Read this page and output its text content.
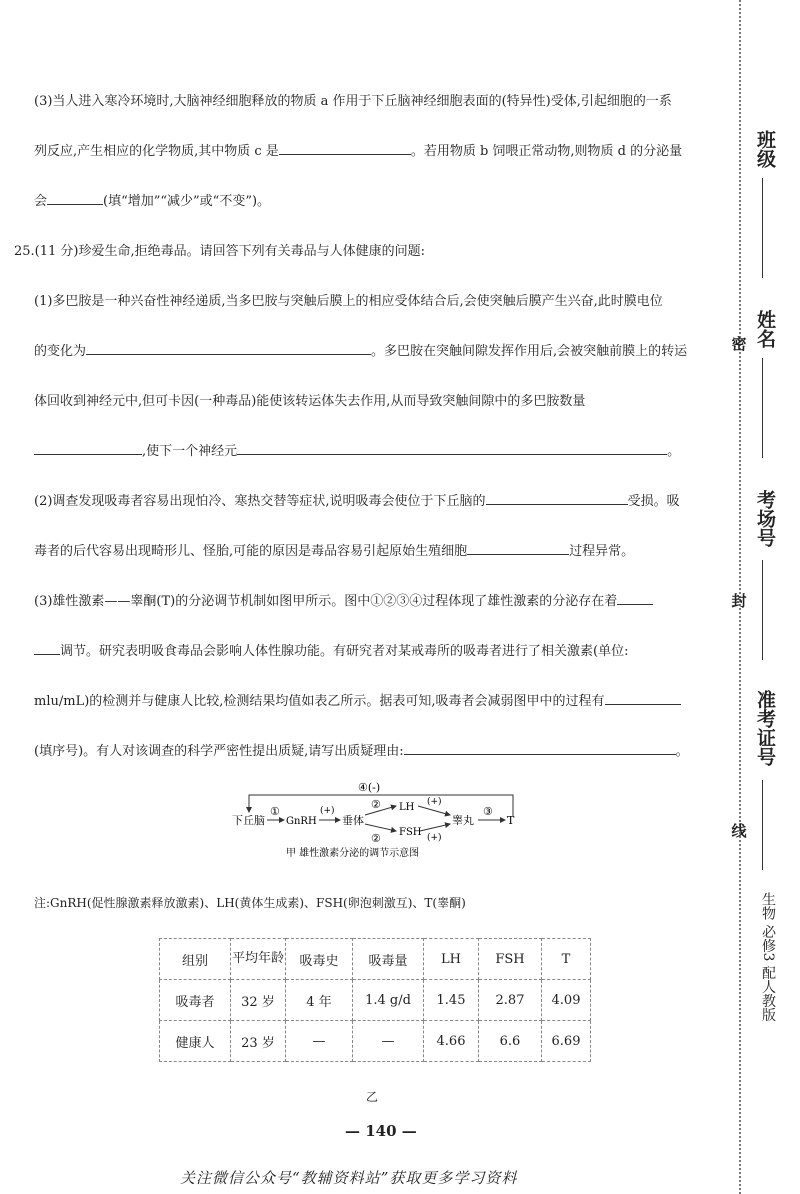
(3)当人进入寒冷环境时,大脑神经细胞释放的物质 a 作用于下丘脑神经细胞表面的(特异性)受体,引起细胞的一系
列反应,产生相应的化学物质,其中物质 c 是	。若用物质 b 饲喂正常动物,则物质 d 的分泌量
会	(填“增加”“减少”或“不变”)。
25.(11 分)珍爱生命,拒绝毒品。请回答下列有关毒品与人体健康的问题:
(1)多巴胺是一种兴奋性神经递质,当多巴胺与突触后膜上的相应受体结合后,会使突触后膜产生兴奋,此时膜电位
的变化为	。多巴胺在突触间隙发挥作用后,会被突触前膜上的转运
体回收到神经元中,但可卡因(一种毒品)能使该转运体失去作用,从而导致突触间隙中的多巴胺数量
,使下一个神经元	。
(2)调查发现吸毒者容易出现怕冷、寒热交替等症状,说明吸毒会使位于下丘脑的	受损。吸
毒者的后代容易出现畸形儿、怪胎,可能的原因是毒品容易引起原始生殖细胞	过程异常。
(3)雄性激素——睾酮(T)的分泌调节机制如图甲所示。图中①②③④过程体现了雄性激素的分泌存在着
调节。研究表明吸食毒品会影响人体性腺功能。有研究者对某戒毒所的吸毒者进行了相关激素(单位:
mlu/mL)的检测并与健康人比较,检测结果均值如表乙所示。据表可知,吸毒者会减弱图甲中的过程有
(填序号)。有人对该调查的科学严密性提出质疑,请写出质疑理由:	。
④(-)
①	(+)	②
②
(+)
(+)
③
下丘脑 GnRH 垂体
LH
FSH
睾丸	T
甲 雄性激素分泌的调节示意图
注:GnRH(促性腺激素释放激素)、LH(黄体生成素)、FSH(卵泡刺激互)、T(睾酮)
组别	平均年龄	吸毒史	吸毒量	LH	FSH	T
吸毒者	32 岁	4 年	1.4 g/d	1.45	2.87	4.09
健康人	23 岁	—	—	4.66	6.6	6.69
乙
— 140 —
关注微信公众号“教辅资料站”获取更多学习资料
密
封
线
班级
姓名
考场号
准考证号
生物 必修3 配人教版
